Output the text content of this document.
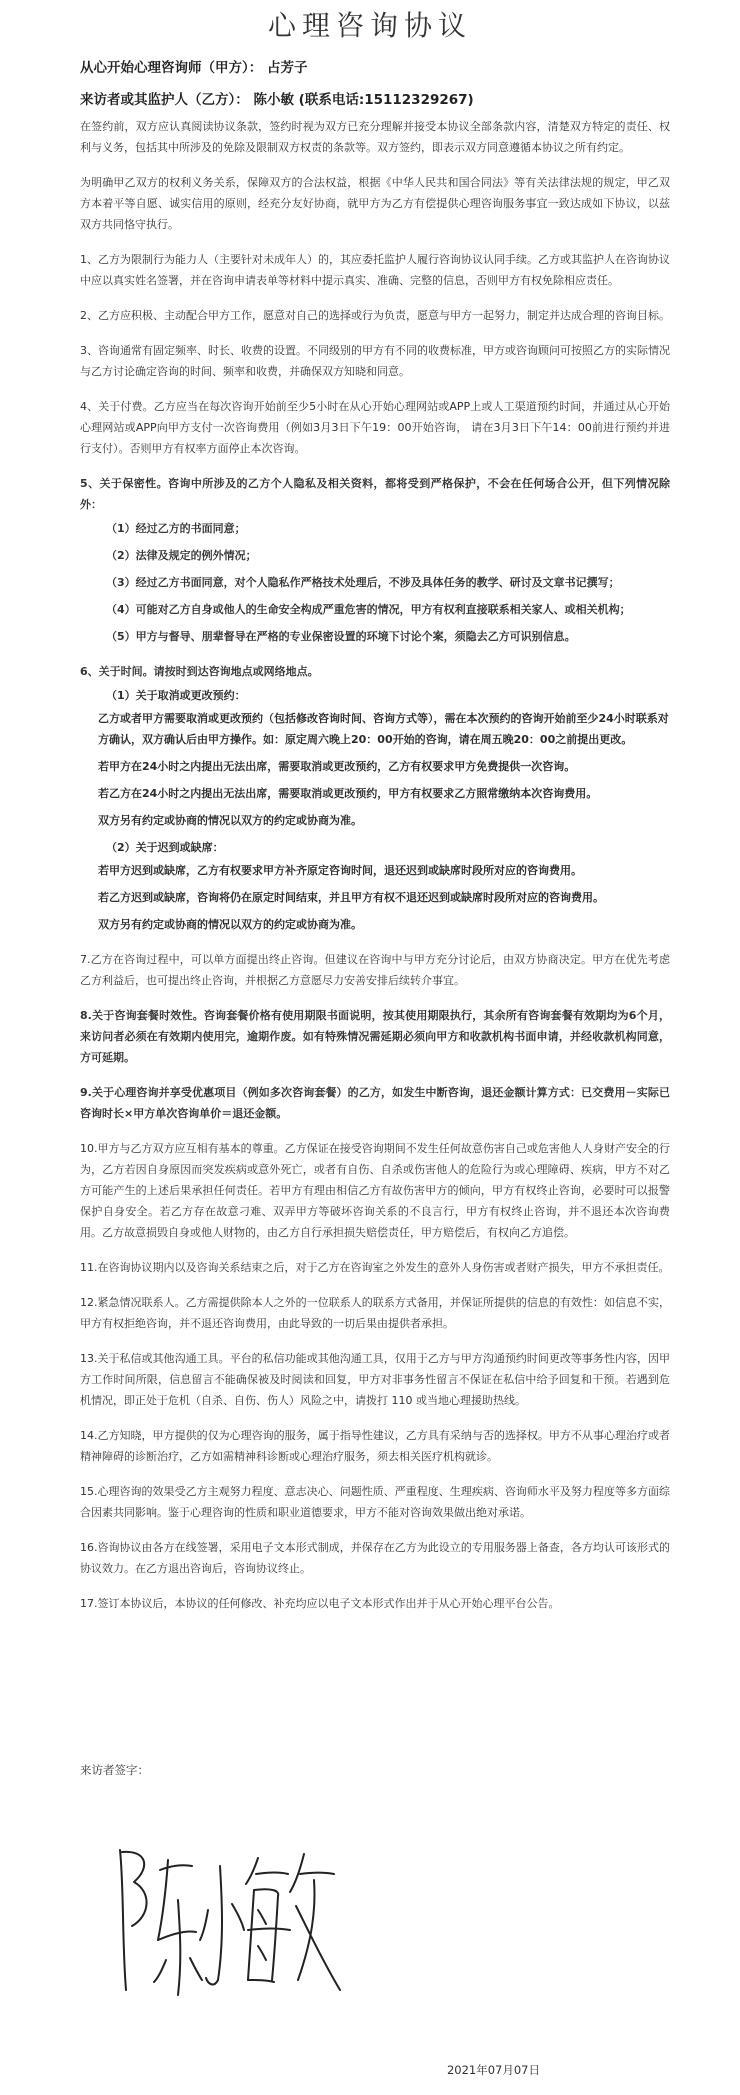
心理咨询协议
从心开始心理咨询师（甲方）： 占芳子
来访者或其监护人（乙方）： 陈小敏 (联系电话:15112329267)

在签约前，双方应认真阅读协议条款，签约时视为双方已充分理解并接受本协议全部条款内容，清楚双方特定的责任、权利与义务，包括其中所涉及的免除及限制双方权责的条款等。双方签约，即表示双方同意遵循本协议之所有约定。

为明确甲乙双方的权利义务关系，保障双方的合法权益，根据《中华人民共和国合同法》等有关法律法规的规定，甲乙双方本着平等自愿、诚实信用的原则，经充分友好协商，就甲方为乙方有偿提供心理咨询服务事宜一致达成如下协议，以兹双方共同恪守执行。

1、乙方为限制行为能力人（主要针对未成年人）的，其应委托监护人履行咨询协议认同手续。乙方或其监护人在咨询协议中应以真实姓名签署，并在咨询申请表单等材料中提示真实、准确、完整的信息，否则甲方有权免除相应责任。

2、乙方应积极、主动配合甲方工作，愿意对自己的选择或行为负责，愿意与甲方一起努力，制定并达成合理的咨询目标。

3、咨询通常有固定频率、时长、收费的设置。不同级别的甲方有不同的收费标准，甲方或咨询顾问可按照乙方的实际情况与乙方讨论确定咨询的时间、频率和收费，并确保双方知晓和同意。

4、关于付费。乙方应当在每次咨询开始前至少5小时在从心开始心理网站或APP上或人工渠道预约时间，并通过从心开始心理网站或APP向甲方支付一次咨询费用（例如3月3日下午19：00开始咨询， 请在3月3日下午14：00前进行预约并进行支付）。否则甲方有权率方面停止本次咨询。

5、关于保密性。咨询中所涉及的乙方个人隐私及相关资料，都将受到严格保护，不会在任何场合公开，但下列情况除外：

（1）经过乙方的书面同意；

（2）法律及规定的例外情况；

（3）经过乙方书面同意，对个人隐私作严格技术处理后，不涉及具体任务的教学、研讨及文章书记撰写；

（4）可能对乙方自身或他人的生命安全构成严重危害的情况，甲方有权利直接联系相关家人、或相关机构；

（5）甲方与督导、朋辈督导在严格的专业保密设置的环境下讨论个案，须隐去乙方可识别信息。

6、关于时间。请按时到达咨询地点或网络地点。

（1）关于取消或更改预约：

乙方或者甲方需要取消或更改预约（包括修改咨询时间、咨询方式等），需在本次预约的咨询开始前至少24小时联系对方确认，双方确认后由甲方操作。如：原定周六晚上20：00开始的咨询，请在周五晚20：00之前提出更改。

若甲方在24小时之内提出无法出席，需要取消或更改预约，乙方有权要求甲方免费提供一次咨询。

若乙方在24小时之内提出无法出席，需要取消或更改预约，甲方有权要求乙方照常缴纳本次咨询费用。

双方另有约定或协商的情况以双方的约定或协商为准。

（2）关于迟到或缺席：

若甲方迟到或缺席，乙方有权要求甲方补齐原定咨询时间，退还迟到或缺席时段所对应的咨询费用。

若乙方迟到或缺席，咨询将仍在原定时间结束，并且甲方有权不退还迟到或缺席时段所对应的咨询费用。

双方另有约定或协商的情况以双方的约定或协商为准。

7.乙方在咨询过程中，可以单方面提出终止咨询。但建议在咨询中与甲方充分讨论后，由双方协商决定。甲方在优先考虑乙方利益后，也可提出终止咨询，并根据乙方意愿尽力安善安排后续转介事宜。

8.关于咨询套餐时效性。咨询套餐价格有使用期限书面说明，按其使用期限执行，其余所有咨询套餐有效期均为6个月，来访问者必须在有效期内使用完，逾期作废。如有特殊情况需延期必须向甲方和收款机构书面申请，并经收款机构同意，方可延期。

9.关于心理咨询并享受优惠项目（例如多次咨询套餐）的乙方，如发生中断咨询，退还金额计算方式：已交费用－实际已咨询时长×甲方单次咨询单价＝退还金额。

10.甲方与乙方双方应互相有基本的尊重。乙方保证在接受咨询期间不发生任何故意伤害自己或危害他人人身财产安全的行为，乙方若因自身原因而突发疾病或意外死亡，或者有自伤、自杀或伤害他人的危险行为或心理障碍、疾病，甲方不对乙方可能产生的上述后果承担任何责任。若甲方有理由相信乙方有故伤害甲方的倾向，甲方有权终止咨询，必要时可以报警保护自身安全。若乙方存在故意刁难、双弄甲方等破坏咨询关系的不良言行，甲方有权终止咨询，并不退还本次咨询费用。乙方故意损毁自身或他人财物的，由乙方自行承担损失赔偿责任，甲方赔偿后，有权向乙方追偿。

11.在咨询协议期内以及咨询关系结束之后，对于乙方在咨询室之外发生的意外人身伤害或者财产损失，甲方不承担责任。

12.紧急情况联系人。乙方需提供除本人之外的一位联系人的联系方式备用，并保证所提供的信息的有效性：如信息不实，甲方有权拒绝咨询，并不退还咨询费用，由此导致的一切后果由提供者承担。

13.关于私信或其他沟通工具。平台的私信功能或其他沟通工具，仅用于乙方与甲方沟通预约时间更改等事务性内容，因甲方工作时间所限，信息留言不能确保被及时阅读和回复，甲方对非事务性留言不保证在私信中给予回复和干预。若遇到危机情况，即正处于危机（自杀、自伤、伤人）风险之中，请拨打 110 或当地心理援助热线。

14.乙方知晓，甲方提供的仅为心理咨询的服务，属于指导性建议，乙方具有采纳与否的选择权。甲方不从事心理治疗或者精神障碍的诊断治疗，乙方如需精神科诊断或心理治疗服务，须去相关医疗机构就诊。

15.心理咨询的效果受乙方主观努力程度、意志决心、问题性质、严重程度、生理疾病、咨询师水平及努力程度等多方面综合因素共同影响。鉴于心理咨询的性质和职业道德要求，甲方不能对咨询效果做出绝对承诺。

16.咨询协议由各方在线签署，采用电子文本形式制成，并保存在乙方为此设立的专用服务器上备查，各方均认可该形式的协议效力。在乙方退出咨询后，咨询协议终止。

17.签订本协议后，本协议的任何修改、补充均应以电子文本形式作出并于从心开始心理平台公告。

来访者签字：
2021年07月07日
